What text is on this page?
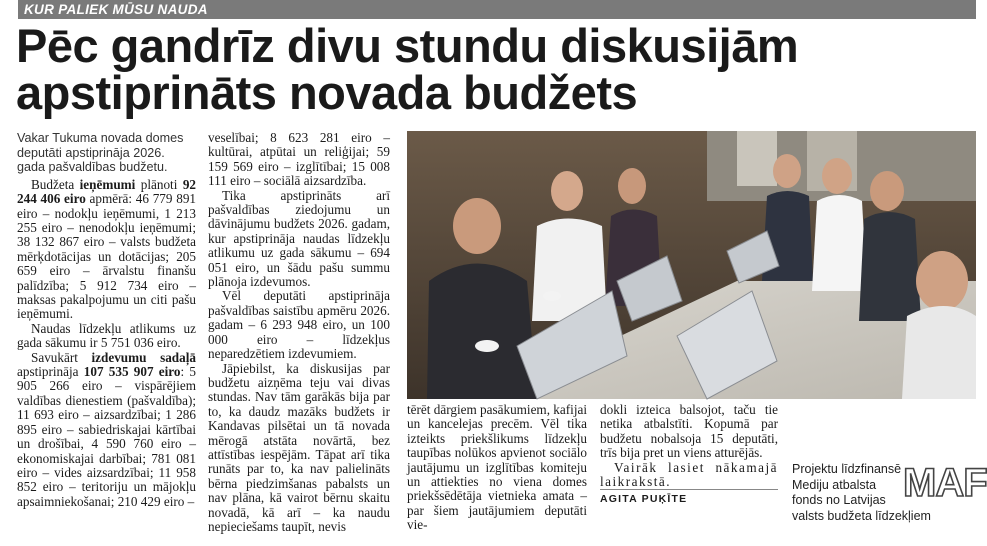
KUR PALIEK MŪSU NAUDA
Pēc gandrīz divu stundu diskusijām
apstiprināts novada budžets

Vakar Tukuma novada domes deputāti apstiprināja 2026. gada pašvaldības budžetu.

Budžeta ieņēmumi plānoti 92 244 406 eiro apmērā: 46 779 891 eiro – nodokļu ieņēmumi, 1 213 255 eiro – nenodokļu ieņēmumi; 38 132 867 eiro – valsts budžeta mērķdotācijas un dotācijas; 205 659 eiro – ārvalstu finanšu palīdzība; 5 912 734 eiro – maksas pakalpojumu un citi pašu ieņēmumi.

Naudas līdzekļu atlikums uz gada sākumu ir 5 751 036 eiro.

Savukārt izdevumu sadaļā apstiprināja 107 535 907 eiro: 5 905 266 eiro – vispārējiem valdības dienestiem (pašvaldība); 11 693 eiro – aizsardzībai; 1 286 895 eiro – sabiedriskajai kārtībai un drošībai, 4 590 760 eiro – ekonomiskajai darbībai; 781 081 eiro – vides aizsardzībai; 11 958 852 eiro – teritoriju un mājokļu apsaimniekošanai; 210 429 eiro –

veselībai; 8 623 281 eiro – kultūrai, atpūtai un reliģijai; 59 159 569 eiro – izglītībai; 15 008 111 eiro – sociālā aizsardzība.

Tika apstiprināts arī pašvaldības ziedojumu un dāvinājumu budžets 2026. gadam, kur apstiprināja naudas līdzekļu atlikumu uz gada sākumu – 694 051 eiro, un šādu pašu summu plānoja izdevumos.

Vēl deputāti apstiprināja pašvaldības saistību apmēru 2026. gadam – 6 293 948 eiro, un 100 000 eiro – līdzekļus neparedzētiem izdevumiem.

Jāpiebilst, ka diskusijas par budžetu aizņēma teju vai divas stundas. Nav tām garākās bija par to, ka daudz mazāks budžets ir Kandavas pilsētai un tā novada mērogā atstāta novārtā, bez attīstības iespējām. Tāpat arī tika runāts par to, ka nav palielināts bērna piedzimšanas pabalsts un nav plāna, kā vairot bērnu skaitu novadā, kā arī – ka naudu nepieciešams taupīt, nevis

tērēt dārgiem pasākumiem, kafijai un kancelejas precēm. Vēl tika izteikts priekšlikums līdzekļu taupības nolūkos apvienot sociālo jautājumu un izglītības komiteju un attiekties no viena domes priekšsēdētāja vietnieka amata – par šiem jautājumiem deputāti vie-

dokli izteica balsojot, taču tie netika atbalstīti. Kopumā par budžetu nobalsoja 15 deputāti, trīs bija pret un viens atturējās.

Vairāk lasiet nākamajā laikrakstā.

AGITA PUĶĪTE

Projektu līdzfinansē
Mediju atbalsta
fonds no Latvijas
valsts budžeta līdzekļiem
MAF
